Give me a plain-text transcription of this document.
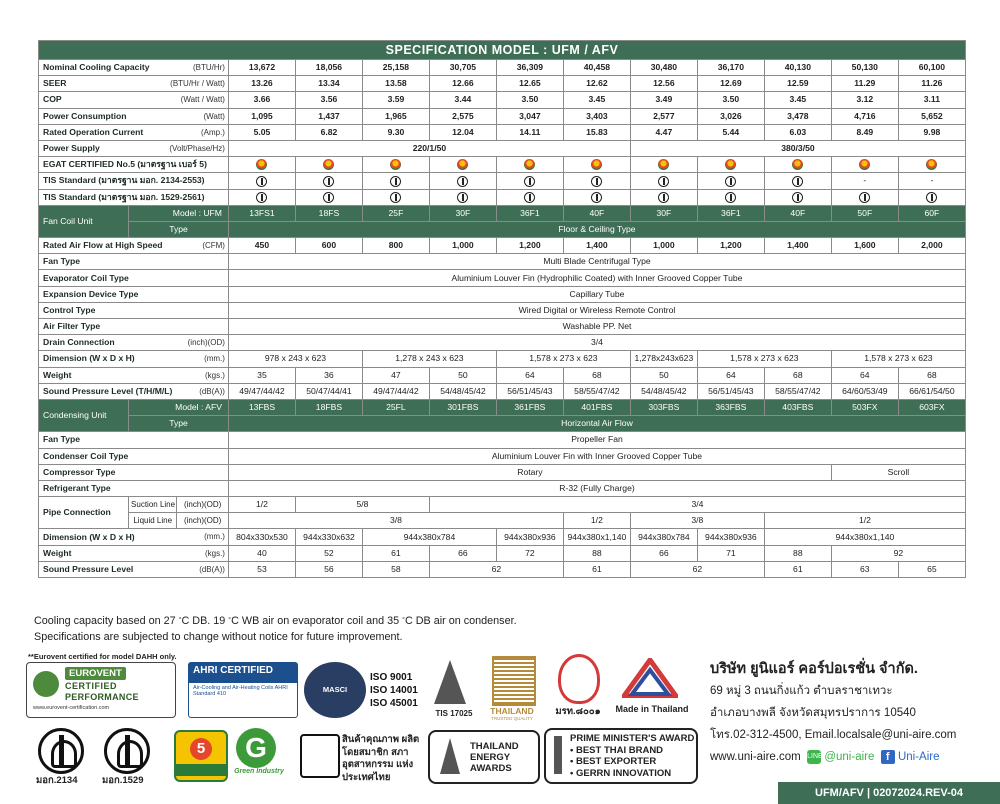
SPECIFICATION MODEL : UFM / AFV													
Nominal Cooling Capacity (BTU/Hr)			13,672	18,056	25,158	30,705	36,309	40,458	30,480	36,170	40,130	50,130	60,100
SEER (BTU/Hr / Watt)			13.26	13.34	13.58	12.66	12.65	12.62	12.56	12.69	12.59	11.29	11.26
COP (Watt / Watt)			3.66	3.56	3.59	3.44	3.50	3.45	3.49	3.50	3.45	3.12	3.11
Power Consumption (Watt)			1,095	1,437	1,965	2,575	3,047	3,403	2,577	3,026	3,478	4,716	5,652
Rated Operation Current (Amp.)			5.05	6.82	9.30	12.04	14.11	15.83	4.47	5.44	6.03	8.49	9.98
Power Supply (Volt/Phase/Hz)			220/1/50						380/3/50				
EGAT CERTIFIED No.5 (มาตรฐาน เบอร์ 5)													
TIS Standard (มาตรฐาน มอก. 2134-2553)												-	-
TIS Standard (มาตรฐาน มอก. 1529-2561)													
Fan Coil Unit	Model : UFM		13FS1	18FS	25F	30F	36F1	40F	30F	36F1	40F	50F	60F
	Type		Floor & Ceiling Type										
Rated Air Flow at High Speed (CFM)			450	600	800	1,000	1,200	1,400	1,000	1,200	1,400	1,600	2,000
Fan Type			Multi Blade Centrifugal Type										
Evaporator Coil Type			Aluminium Louver Fin (Hydrophilic Coated) with Inner Grooved Copper Tube										
Expansion Device Type			Capillary Tube										
Control Type			Wired Digital or Wireless Remote Control										
Air Filter Type			Washable PP. Net										
Drain Connection (inch)(OD)			3/4										
Dimension (W x D x H) (mm.)			978 x 243 x 623		1,278 x 243 x 623		1,578 x 273 x 623		1,278x243x623	1,578 x 273 x 623		1,578 x 273 x 623	
Weight (kgs.)			35	36	47	50	64	68	50	64	68	64	68
Sound Pressure Level (T/H/M/L) (dB(A))			49/47/44/42	50/47/44/41	49/47/44/42	54/48/45/42	56/51/45/43	58/55/47/42	54/48/45/42	56/51/45/43	58/55/47/42	64/60/53/49	66/61/54/50
Condensing Unit	Model : AFV		13FBS	18FBS	25FL	301FBS	361FBS	401FBS	303FBS	363FBS	403FBS	503FX	603FX
	Type		Horizontal Air Flow										
Fan Type			Propeller Fan										
Condenser Coil Type			Aluminium Louver Fin with Inner Grooved Copper Tube										
Compressor Type			Rotary									Scroll	
Refrigerant Type			R-32 (Fully Charge)										
Pipe Connection	Suction Line	(inch)(OD)	1/2	5/8		3/4							
	Liquid Line	(inch)(OD)	3/8					1/2	3/8		1/2		
Dimension (W x D x H) (mm.)			804x330x530	944x330x632	944x380x784		944x380x936	944x380x1,140	944x380x784	944x380x936	944x380x1,140		
Weight (kgs.)			40	52	61	66	72	88	66	71	88	92	
Sound Pressure Level (dB(A))			53	56	58	62		61	62		61	63	65
Cooling capacity based on 27 °C DB. 19 °C WB air on evaporator coil and 35 °C DB air on condenser.
Specifications are subjected to change without notice for future improvement.
**Eurovent certified for model DAHH only.
EUROVENT
CERTIFIED
PERFORMANCE
www.eurovent-certification.com
AHRI CERTIFIED
Air-Cooling and Air-Heating Coils AHRI Standard 410	MASCI
ISO 9001
ISO 14001
ISO 45001
TIS 17025	THAILAND
TRUSTED QUALITY
มรท.๘๐๐๑	Made in Thailand
บริษัท ยูนิแอร์ คอร์ปอเรชั่น จำกัด.
69 หมู่ 3 ถนนกิ่งแก้ว ตำบลราชาเทวะ
อำเภอบางพลี จังหวัดสมุทรปราการ 10540
โทร.02-312-4500, Email.localsale@uni-aire.com
www.uni-aire.com LINE @uni-aire f Uni-Aire
มอก.2134	มอก.1529
5	G
Green Industry
สินค้าคุณภาพ ผลิตโดยสมาชิก สภาอุตสาหกรรม แห่งประเทศไทย
THAILAND
ENERGY
AWARDS
PRIME MINISTER'S AWARD
• BEST THAI BRAND
• BEST EXPORTER
• GERRN INNOVATION
UFM/AFV | 02072024.REV-04
